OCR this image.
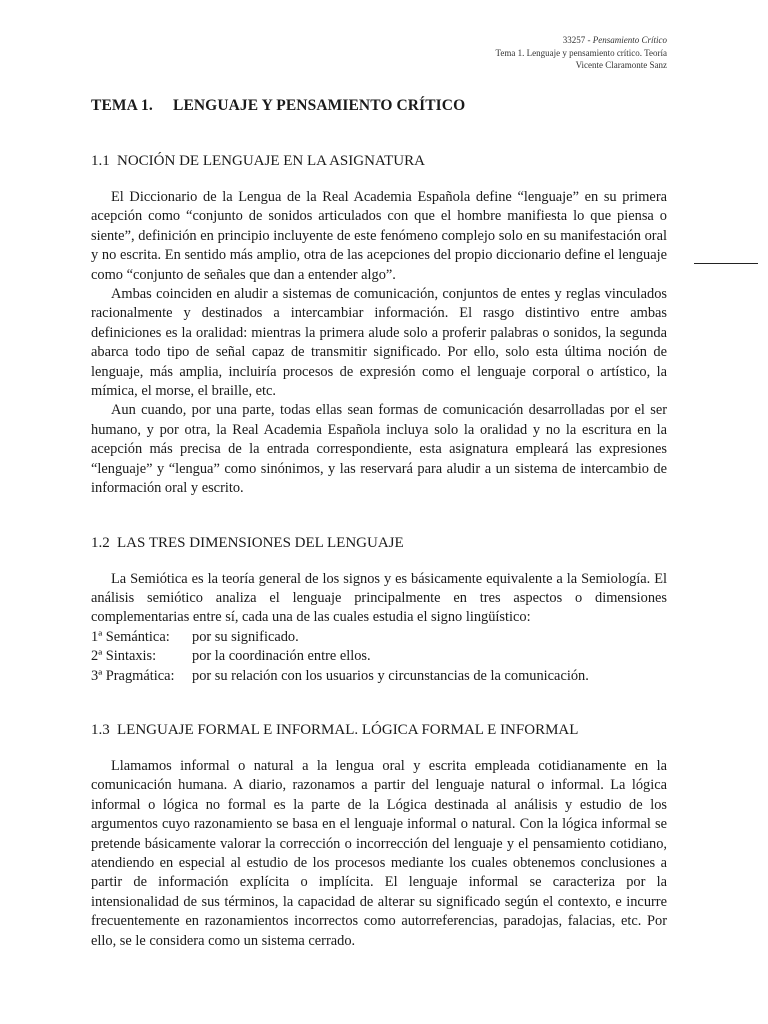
33257 - Pensamiento Crítico
Tema 1. Lenguaje y pensamiento crítico. Teoría
Vicente Claramonte Sanz
TEMA 1. LENGUAJE Y PENSAMIENTO CRÍTICO
1.1 NOCIÓN DE LENGUAJE EN LA ASIGNATURA

El Diccionario de la Lengua de la Real Academia Española define “lenguaje” en su primera acepción como “conjunto de sonidos articulados con que el hombre manifiesta lo que piensa o siente”, definición en principio incluyente de este fenómeno complejo solo en su manifestación oral y no escrita. En sentido más amplio, otra de las acepciones del propio diccionario define el lenguaje como “conjunto de señales que dan a entender algo”.

Ambas coinciden en aludir a sistemas de comunicación, conjuntos de entes y reglas vinculados racionalmente y destinados a intercambiar información. El rasgo distintivo entre ambas definiciones es la oralidad: mientras la primera alude solo a proferir palabras o sonidos, la segunda abarca todo tipo de señal capaz de transmitir significado. Por ello, solo esta última noción de lenguaje, más amplia, incluiría procesos de expresión como el lenguaje corporal o artístico, la mímica, el morse, el braille, etc.

Aun cuando, por una parte, todas ellas sean formas de comunicación desarrolladas por el ser humano, y por otra, la Real Academia Española incluya solo la oralidad y no la escritura en la acepción más precisa de la entrada correspondiente, esta asignatura empleará las expresiones “lenguaje” y “lengua” como sinónimos, y las reservará para aludir a un sistema de intercambio de información oral y escrito.

1.2 LAS TRES DIMENSIONES DEL LENGUAJE

La Semiótica es la teoría general de los signos y es básicamente equivalente a la Semiología. El análisis semiótico analiza el lenguaje principalmente en tres aspectos o dimensiones complementarias entre sí, cada una de las cuales estudia el signo lingüístico:

1ª Semántica:	por su significado.
2ª Sintaxis:	por la coordinación entre ellos.
3ª Pragmática:	por su relación con los usuarios y circunstancias de la comunicación.
1.3 LENGUAJE FORMAL E INFORMAL. LÓGICA FORMAL E INFORMAL

Llamamos informal o natural a la lengua oral y escrita empleada cotidianamente en la comunicación humana. A diario, razonamos a partir del lenguaje natural o informal. La lógica informal o lógica no formal es la parte de la Lógica destinada al análisis y estudio de los argumentos cuyo razonamiento se basa en el lenguaje informal o natural. Con la lógica informal se pretende básicamente valorar la corrección o incorrección del lenguaje y el pensamiento cotidiano, atendiendo en especial al estudio de los procesos mediante los cuales obtenemos conclusiones a partir de información explícita o implícita. El lenguaje informal se caracteriza por la intensionalidad de sus términos, la capacidad de alterar su significado según el contexto, e incurre frecuentemente en razonamientos incorrectos como autorreferencias, paradojas, falacias, etc. Por ello, se le considera como un sistema cerrado.
